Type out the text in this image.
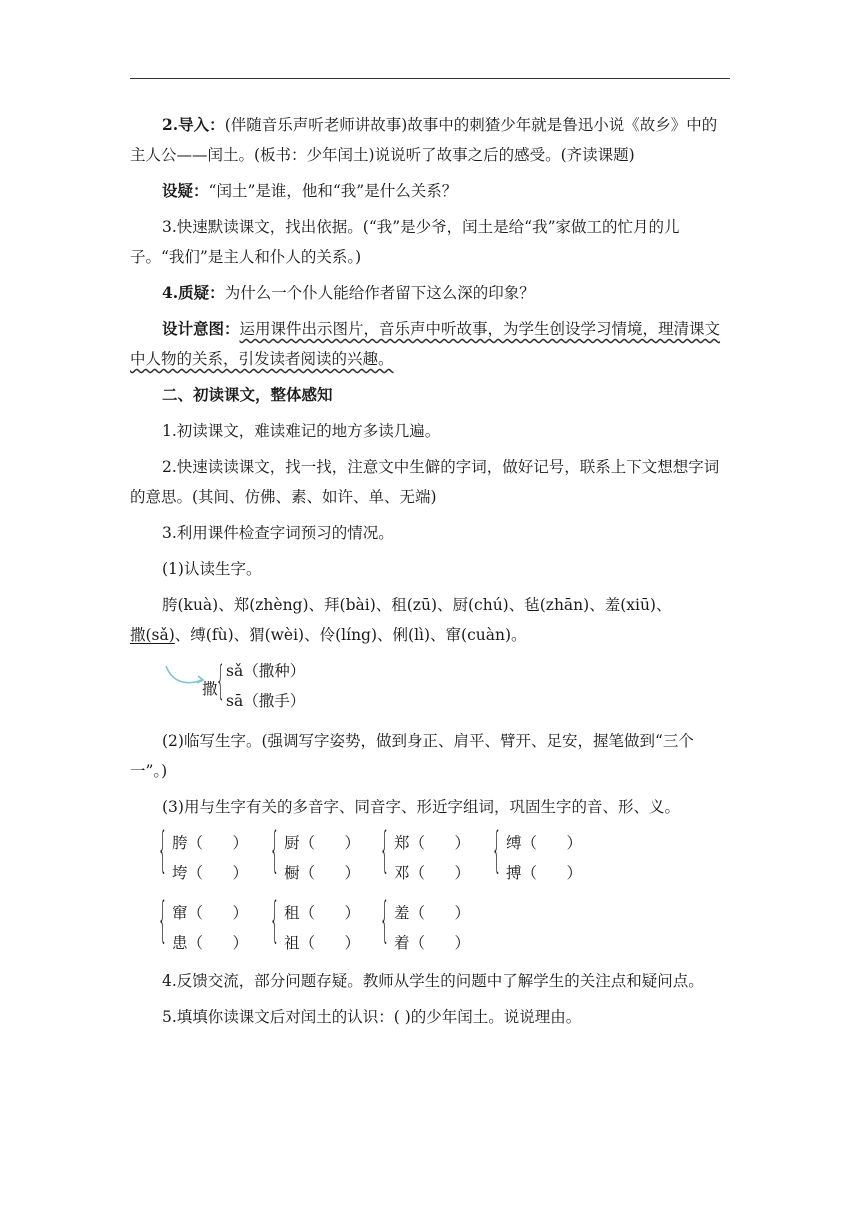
2.导入：(伴随音乐声听老师讲故事)故事中的刺猹少年就是鲁迅小说《故乡》中的主人公——闰土。(板书：少年闰土)说说听了故事之后的感受。(齐读课题)

设疑：“闰土”是谁，他和“我”是什么关系？

3.快速默读课文，找出依据。(“我”是少爷，闰土是给“我”家做工的忙月的儿子。“我们”是主人和仆人的关系。)

4.质疑：为什么一个仆人能给作者留下这么深的印象？

设计意图：运用课件出示图片，音乐声中听故事，为学生创设学习情境，理清课文中人物的关系，引发读者阅读的兴趣。

二、初读课文，整体感知

1.初读课文，难读难记的地方多读几遍。

2.快速读读课文，找一找，注意文中生僻的字词，做好记号，联系上下文想想字词的意思。(其间、仿佛、素、如许、单、无端)

3.利用课件检查字词预习的情况。

(1)认读生字。

胯(kuà)、郑(zhèng)、拜(bài)、租(zū)、厨(chú)、毡(zhān)、羞(xiū)、
撒(sǎ)、缚(fù)、猬(wèi)、伶(líng)、俐(lì)、窜(cuàn)。

撒
{ sǎ（撒种）
sā（撒手）

(2)临写生字。(强调写字姿势，做到身正、肩平、臂开、足安，握笔做到“三个一”。)

(3)用与生字有关的多音字、同音字、形近字组词，巩固生字的音、形、义。

{ 胯（      ）
垮（      ） { 厨（      ）
橱（      ） { 郑（      ）
邓（      ） { 缚（      ）
搏（      ）
{ 窜（      ）
患（      ） { 租（      ）
祖（      ） { 羞（      ）
着（      ）

4.反馈交流，部分问题存疑。教师从学生的问题中了解学生的关注点和疑问点。

5.填填你读课文后对闰土的认识：( )的少年闰土。说说理由。
